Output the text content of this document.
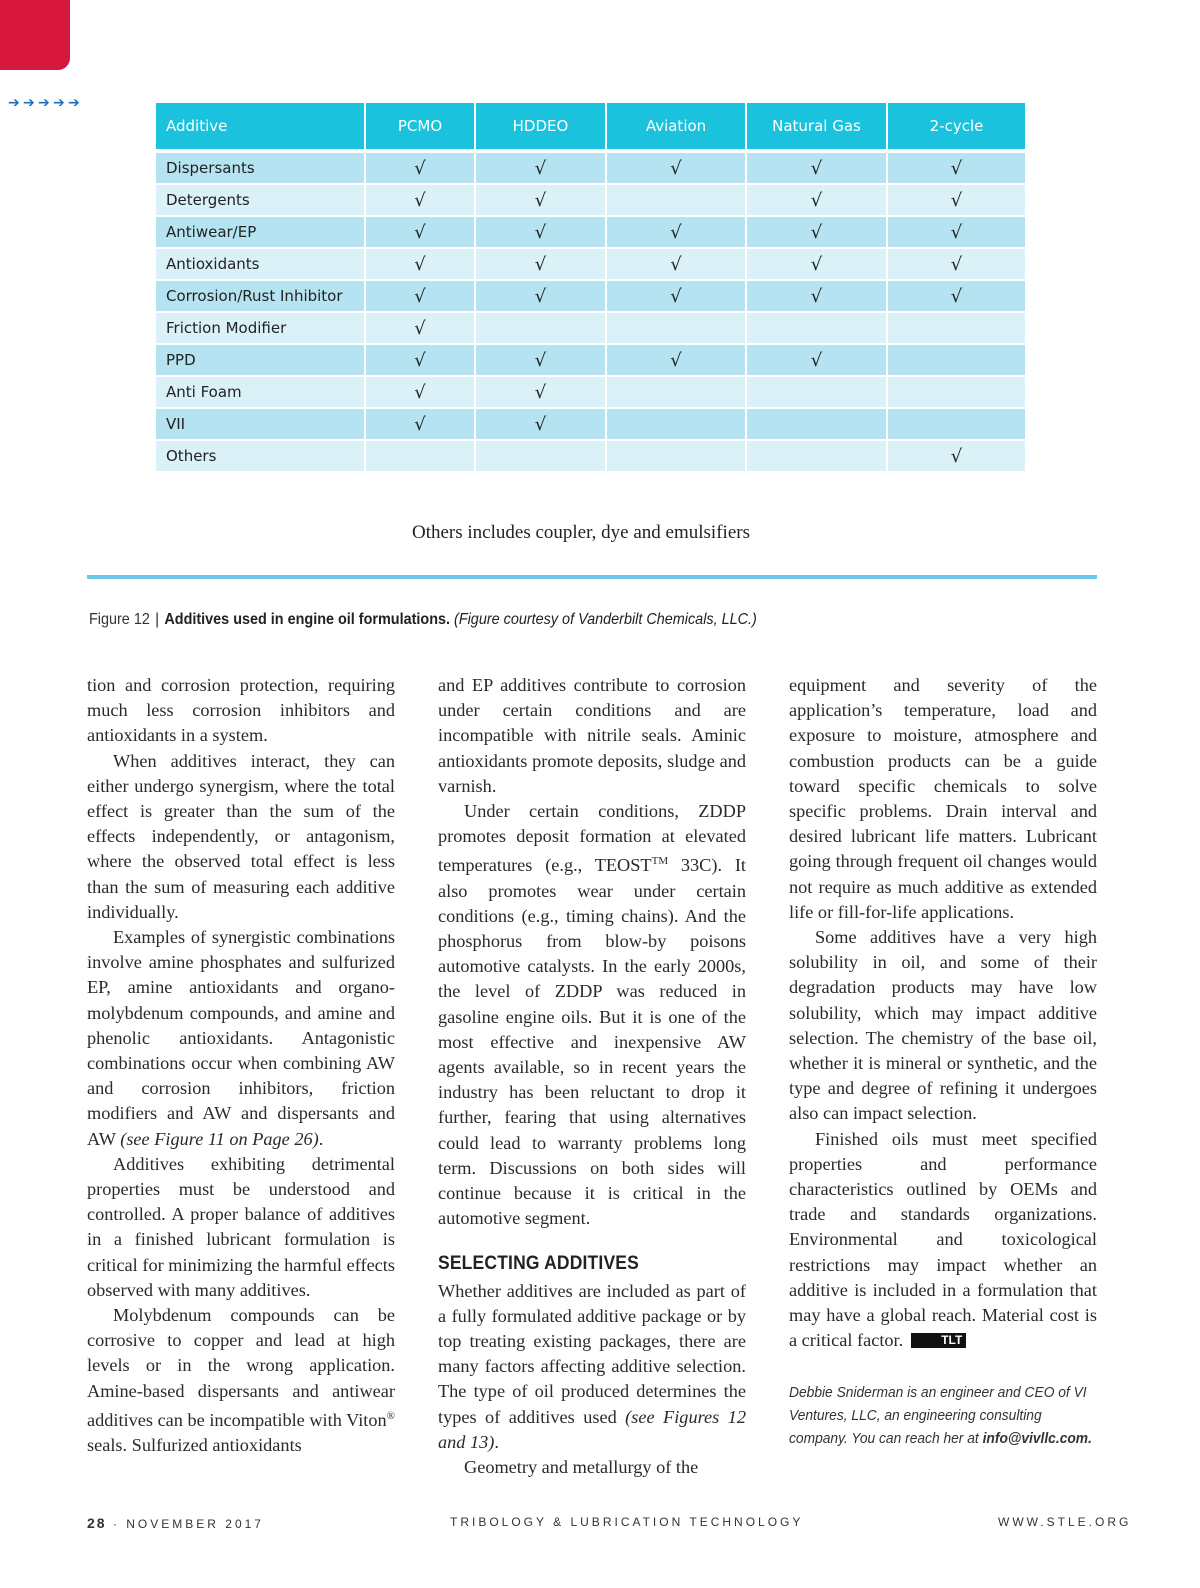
➔ ➔ ➔ ➔ ➔
Additive	PCMO	HDDEO	Aviation	Natural Gas	2-cycle

Dispersants	√	√	√	√	√
Detergents	√	√		√	√
Antiwear/EP	√	√	√	√	√
Antioxidants	√	√	√	√	√
Corrosion/Rust Inhibitor	√	√	√	√	√
Friction Modifier	√				
PPD	√	√	√	√	
Anti Foam	√	√			
VII	√	√			
Others					√
Others includes coupler, dye and emulsifiers
Figure 12 | Additives used in engine oil formulations. (Figure courtesy of Vanderbilt Chemicals, LLC.)

tion and corrosion protection, requiring much less corrosion inhibitors and antioxidants in a system.

When additives interact, they can either undergo synergism, where the total effect is greater than the sum of the effects independently, or antagonism, where the observed total effect is less than the sum of measuring each additive individually.

Examples of synergistic combinations involve amine phosphates and sulfurized EP, amine antioxidants and organo-molybdenum compounds, and amine and phenolic antioxidants. Antagonistic combinations occur when combining AW and corrosion inhibitors, friction modifiers and AW and dispersants and AW (see Figure 11 on Page 26).

Additives exhibiting detrimental properties must be understood and controlled. A proper balance of additives in a finished lubricant formulation is critical for minimizing the harmful effects observed with many additives.

Molybdenum compounds can be corrosive to copper and lead at high levels or in the wrong application. Amine-based dispersants and antiwear additives can be incompatible with Viton® seals. Sulfurized antioxidants

and EP additives contribute to corrosion under certain conditions and are incompatible with nitrile seals. Aminic antioxidants promote deposits, sludge and varnish.

Under certain conditions, ZDDP promotes deposit formation at elevated temperatures (e.g., TEOST™ 33C). It also promotes wear under certain conditions (e.g., timing chains). And the phosphorus from blow-by poisons automotive catalysts. In the early 2000s, the level of ZDDP was reduced in gasoline engine oils. But it is one of the most effective and inexpensive AW agents available, so in recent years the industry has been reluctant to drop it further, fearing that using alternatives could lead to warranty problems long term. Discussions on both sides will continue because it is critical in the automotive segment.

SELECTING ADDITIVES

Whether additives are included as part of a fully formulated additive package or by top treating existing packages, there are many factors affecting additive selection. The type of oil produced determines the types of additives used (see Figures 12 and 13).

Geometry and metallurgy of the

equipment and severity of the application’s temperature, load and exposure to moisture, atmosphere and combustion products can be a guide toward specific chemicals to solve specific problems. Drain interval and desired lubricant life matters. Lubricant going through frequent oil changes would not require as much additive as extended life or fill-for-life applications.

Some additives have a very high solubility in oil, and some of their degradation products may have low solubility, which may impact additive selection. The chemistry of the base oil, whether it is mineral or synthetic, and the type and degree of refining it undergoes also can impact selection.

Finished oils must meet specified properties and performance characteristics outlined by OEMs and trade and standards organizations. Environmental and toxicological restrictions may impact whether an additive is included in a formulation that may have a global reach. Material cost is a critical factor.	TLT

Debbie Sniderman is an engineer and CEO of VI Ventures, LLC, an engineering consulting company. You can reach her at info@vivllc.com.
28 · NOVEMBER 2017	TRIBOLOGY & LUBRICATION TECHNOLOGY	WWW.STLE.ORG
